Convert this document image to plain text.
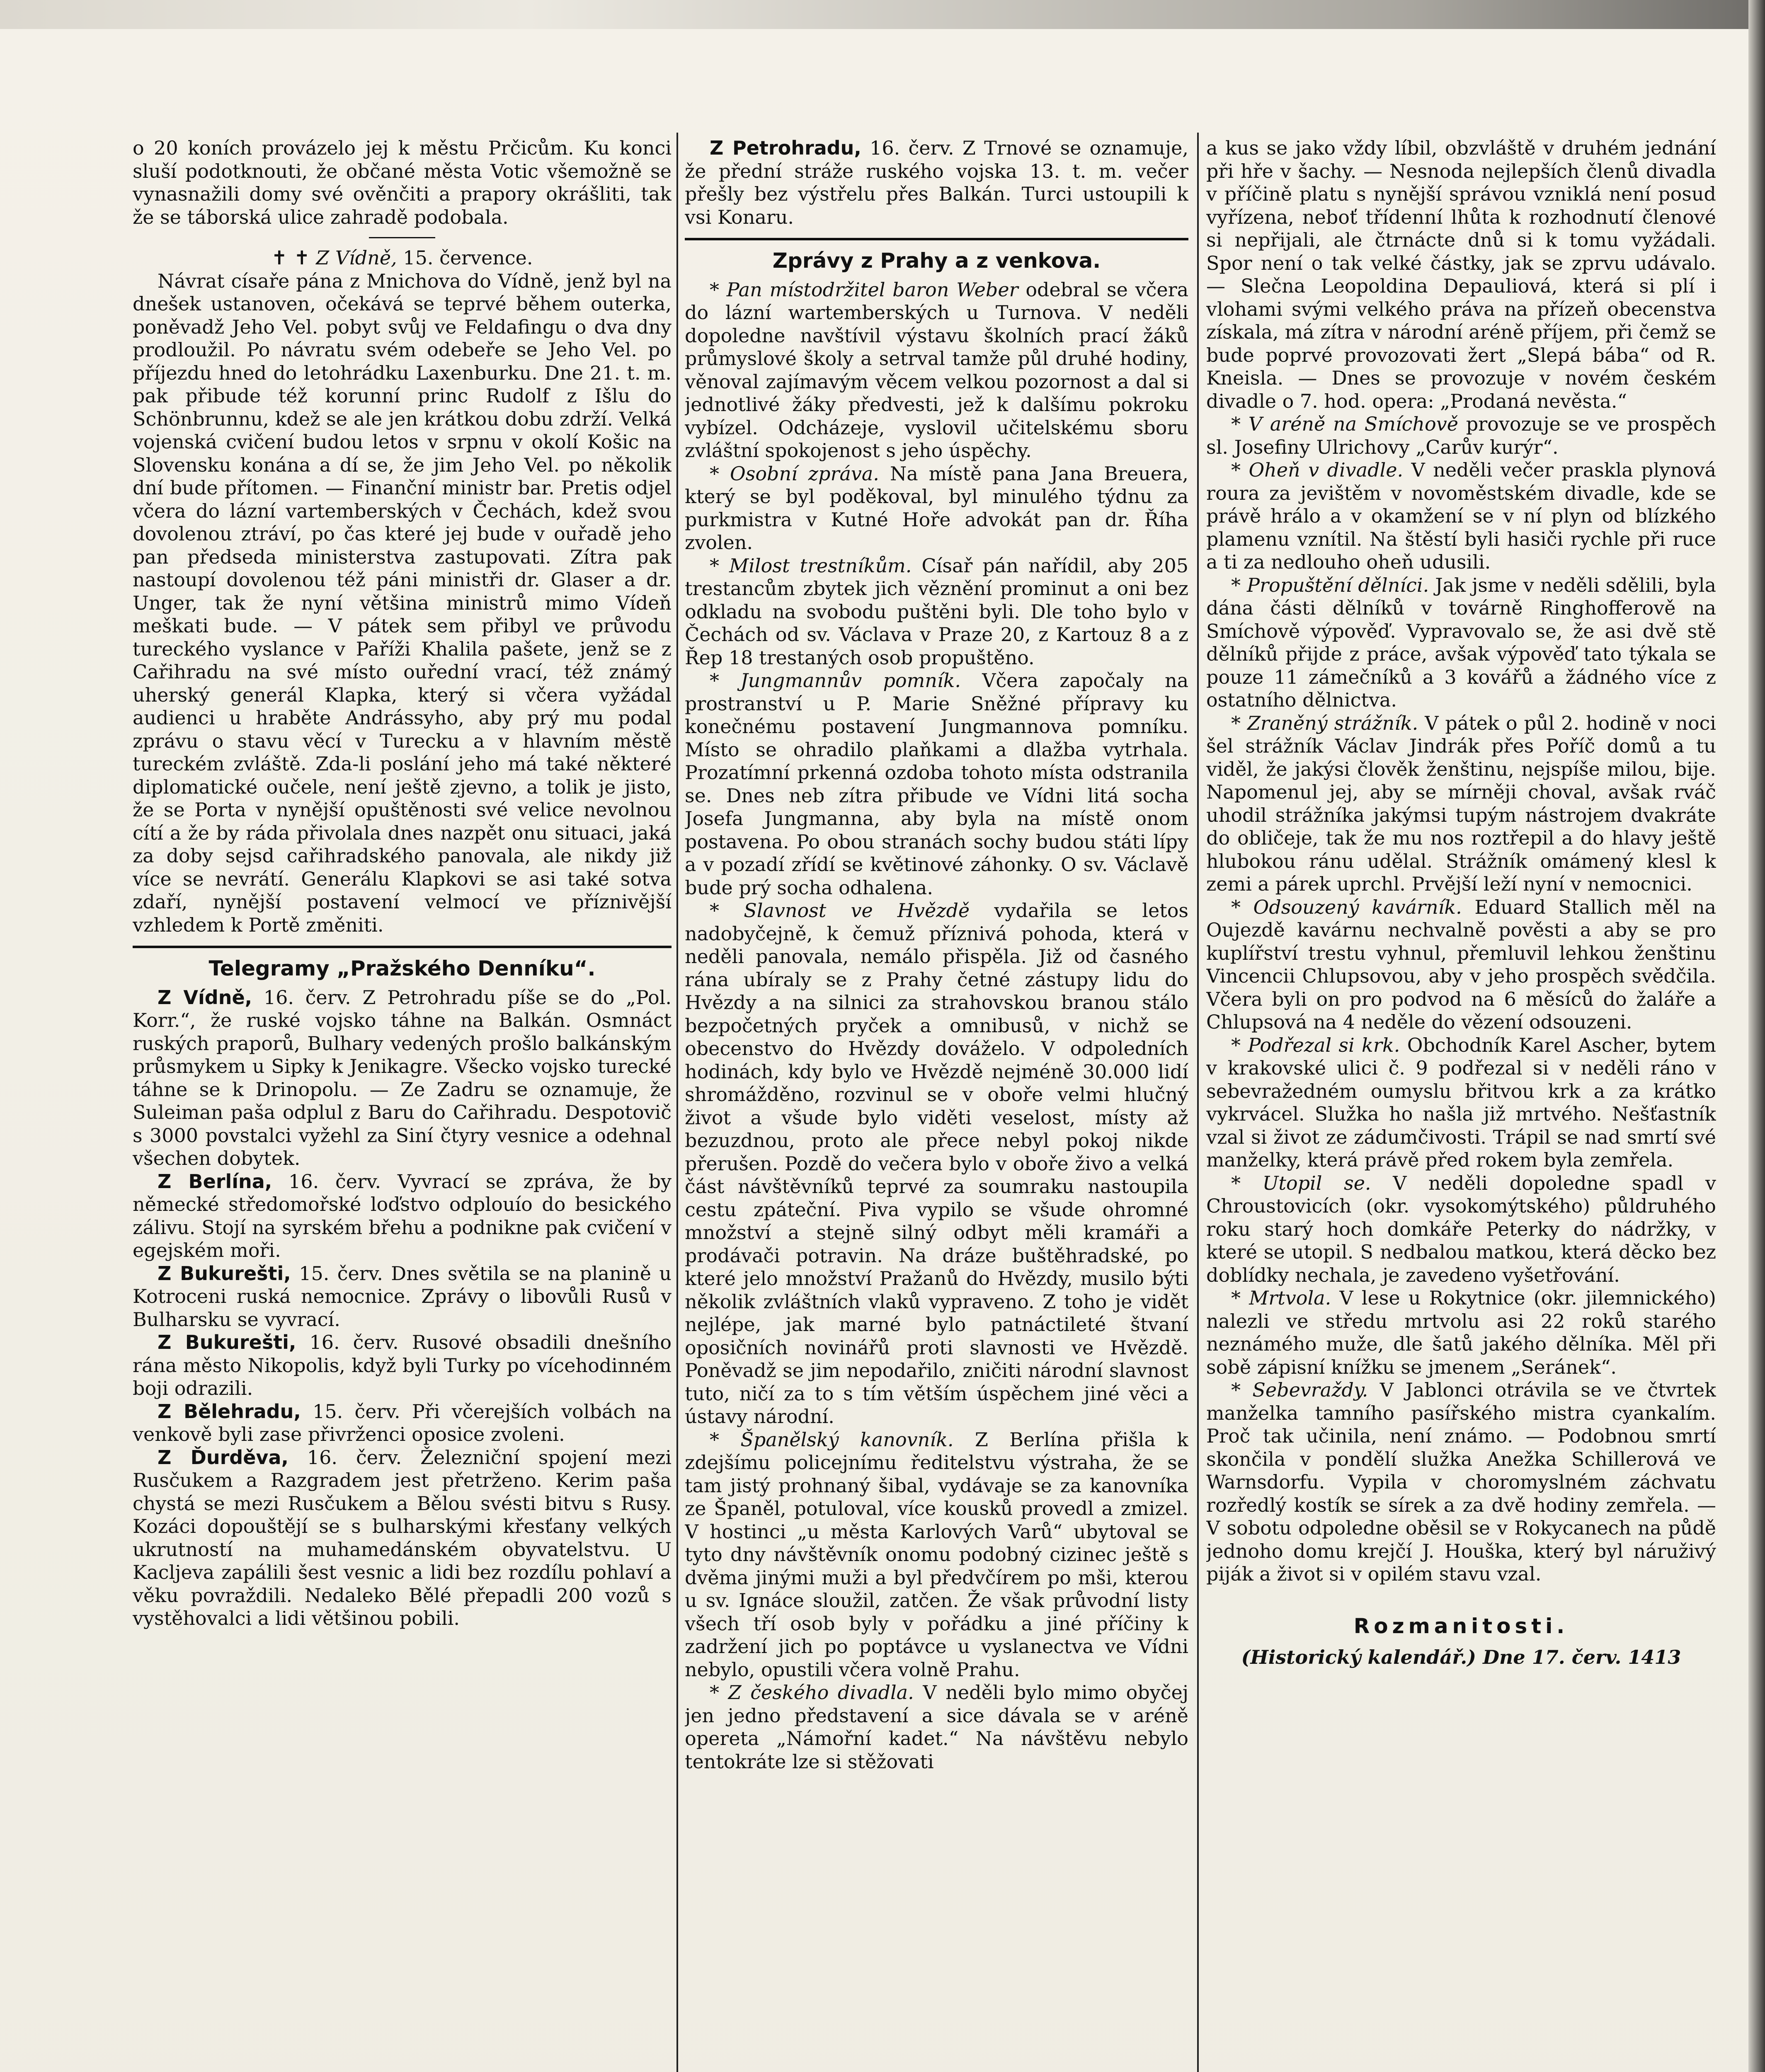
o 20 koních provázelo jej k městu Prčicům. Ku konci sluší podotknouti, že občané města Votic všemožně se vynasnažili domy své ověnčiti a prapory okrášliti, tak že se táborská ulice zahradě podobala.

✝ ✝ Z Vídně, 15. července.

Návrat císaře pána z Mnichova do Vídně, jenž byl na dnešek ustanoven, očekává se teprvé během outerka, poněvadž Jeho Vel. pobyt svůj ve Feldafingu o dva dny prodloužil. Po návratu svém odebeře se Jeho Vel. po příjezdu hned do letohrádku Laxenburku. Dne 21. t. m. pak přibude též korunní princ Rudolf z Išlu do Schönbrunnu, kdež se ale jen krátkou dobu zdrží. Velká vojenská cvičení budou letos v srpnu v okolí Košic na Slovensku konána a dí se, že jim Jeho Vel. po několik dní bude přítomen. — Finanční ministr bar. Pretis odjel včera do lázní vartemberských v Čechách, kdež svou dovolenou ztráví, po čas které jej bude v ouřadě jeho pan předseda ministerstva zastupovati. Zítra pak nastoupí dovolenou též páni ministři dr. Glaser a dr. Unger, tak že nyní většina ministrů mimo Vídeň meškati bude. — V pátek sem přibyl ve průvodu tureckého vyslance v Paříži Khalila pašete, jenž se z Cařihradu na své místo ouřední vrací, též známý uherský generál Klapka, který si včera vyžádal audienci u hraběte Andrássyho, aby prý mu podal zprávu o stavu věcí v Turecku a v hlavním městě tureckém zvláště. Zda-li poslání jeho má také některé diplomatické oučele, není ještě zjevno, a tolik je jisto, že se Porta v nynější opuštěnosti své velice nevolnou cítí a že by ráda přivolala dnes nazpět onu situaci, jaká za doby sejsd cařihradského panovala, ale nikdy již více se nevrátí. Generálu Klapkovi se asi také sotva zdaří, nynější postavení velmocí ve příznivější vzhledem k Portě změniti.

Telegramy „Pražského Denníku“.

Z Vídně, 16. červ. Z Petrohradu píše se do „Pol. Korr.“, že ruské vojsko táhne na Balkán. Osmnáct ruských praporů, Bulhary vedených prošlo balkánským průsmykem u Sipky k Jenikagre. Všecko vojsko turecké táhne se k Drinopolu. — Ze Zadru se oznamuje, že Suleiman paša odplul z Baru do Cařihradu. Despotovič s 3000 povstalci vyžehl za Siní čtyry vesnice a odehnal všechen dobytek.

Z Berlína, 16. červ. Vyvrací se zpráva, že by německé středomořské loďstvo odplouío do besického zálivu. Stojí na syrském břehu a podnikne pak cvičení v egejském moři.

Z Bukurešti, 15. červ. Dnes světila se na planině u Kotroceni ruská nemocnice. Zprávy o libovůli Rusů v Bulharsku se vyvrací.

Z Bukurešti, 16. červ. Rusové obsadili dnešního rána město Nikopolis, když byli Turky po vícehodinném boji odrazili.

Z Bělehradu, 15. červ. Při včerejších volbách na venkově byli zase přivrženci oposice zvoleni.

Z Ďurděva, 16. červ. Železniční spojení mezi Rusčukem a Razgradem jest přetrženo. Kerim paša chystá se mezi Rusčukem a Bělou svésti bitvu s Rusy. Kozáci dopouštějí se s bulharskými křesťany velkých ukrutností na muhamedánském obyvatelstvu. U Kacljeva zapálili šest vesnic a lidi bez rozdílu pohlaví a věku povraždili. Nedaleko Bělé přepadli 200 vozů s vystěhovalci a lidi většinou pobili.

Z Petrohradu, 16. červ. Z Trnové se oznamuje, že přední stráže ruského vojska 13. t. m. večer přešly bez výstřelu přes Balkán. Turci ustoupili k vsi Konaru.

Zprávy z Prahy a z venkova.

* Pan místodržitel baron Weber odebral se včera do lázní wartemberských u Turnova. V neděli dopoledne navštívil výstavu školních prací žáků průmyslové školy a setrval tamže půl druhé hodiny, věnoval zajímavým věcem velkou pozornost a dal si jednotlivé žáky předvesti, jež k dalšímu pokroku vybízel. Odcházeje, vyslovil učitelskému sboru zvláštní spokojenost s jeho úspěchy.

* Osobní zpráva. Na místě pana Jana Breuera, který se byl poděkoval, byl minulého týdnu za purkmistra v Kutné Hoře advokát pan dr. Říha zvolen.

* Milost trestníkům. Císař pán nařídil, aby 205 trestancům zbytek jich věznění prominut a oni bez odkladu na svobodu puštěni byli. Dle toho bylo v Čechách od sv. Václava v Praze 20, z Kartouz 8 a z Řep 18 trestaných osob propuštěno.

* Jungmannův pomník. Včera započaly na prostranství u P. Marie Sněžné přípravy ku konečnému postavení Jungmannova pomníku. Místo se ohradilo plaňkami a dlažba vytrhala. Prozatímní prkenná ozdoba tohoto místa odstranila se. Dnes neb zítra přibude ve Vídni litá socha Josefa Jungmanna, aby byla na místě onom postavena. Po obou stranách sochy budou státi lípy a v pozadí zřídí se květinové záhonky. O sv. Václavě bude prý socha odhalena.

* Slavnost ve Hvězdě vydařila se letos nadobyčejně, k čemuž příznivá pohoda, která v neděli panovala, nemálo přispěla. Již od časného rána ubíraly se z Prahy četné zástupy lidu do Hvězdy a na silnici za strahovskou branou stálo bezpočetných pryček a omnibusů, v nichž se obecenstvo do Hvězdy dováželo. V odpoledních hodinách, kdy bylo ve Hvězdě nejméně 30.000 lidí shromážděno, rozvinul se v oboře velmi hlučný život a všude bylo viděti veselost, místy až bezuzdnou, proto ale přece nebyl pokoj nikde přerušen. Pozdě do večera bylo v oboře živo a velká část návštěvníků teprvé za soumraku nastoupila cestu zpáteční. Piva vypilo se všude ohromné množství a stejně silný odbyt měli kramáři a prodávači potravin. Na dráze buštěhradské, po které jelo množství Pražanů do Hvězdy, musilo býti několik zvláštních vlaků vypraveno. Z toho je vidět nejlépe, jak marné bylo patnáctileté štvaní oposičních novinářů proti slavnosti ve Hvězdě. Poněvadž se jim nepodařilo, zničiti národní slavnost tuto, ničí za to s tím větším úspěchem jiné věci a ústavy národní.

* Španělský kanovník. Z Berlína přišla k zdejšímu policejnímu ředitelstvu výstraha, že se tam jistý prohnaný šibal, vydávaje se za kanovníka ze Španěl, potuloval, více kousků provedl a zmizel. V hostinci „u města Karlových Varů“ ubytoval se tyto dny návštěvník onomu podobný cizinec ještě s dvěma jinými muži a byl předvčírem po mši, kterou u sv. Ignáce sloužil, zatčen. Že však průvodní listy všech tří osob byly v pořádku a jiné příčiny k zadržení jich po poptávce u vyslanectva ve Vídni nebylo, opustili včera volně Prahu.

* Z českého divadla. V neděli bylo mimo obyčej jen jedno představení a sice dávala se v aréně opereta „Námořní kadet.“ Na návštěvu nebylo tentokráte lze si stěžovati

a kus se jako vždy líbil, obzvláště v druhém jednání při hře v šachy. — Nesnoda nejlepších členů divadla v příčině platu s nynější správou vzniklá není posud vyřízena, neboť třídenní lhůta k rozhodnutí členové si nepřijali, ale čtrnácte dnů si k tomu vyžádali. Spor není o tak velké částky, jak se zprvu udávalo. — Slečna Leopoldina Depauliová, která si plí i vlohami svými velkého práva na přízeň obecenstva získala, má zítra v národní aréně příjem, při čemž se bude poprvé provozovati žert „Slepá bába“ od R. Kneisla. — Dnes se provozuje v novém českém divadle o 7. hod. opera: „Prodaná nevěsta.“

* V aréně na Smíchově provozuje se ve prospěch sl. Josefiny Ulrichovy „Carův kurýr“.

* Oheň v divadle. V neděli večer praskla plynová roura za jevištěm v novoměstském divadle, kde se právě hrálo a v okamžení se v ní plyn od blízkého plamenu vznítil. Na štěstí byli hasiči rychle při ruce a ti za nedlouho oheň udusili.

* Propuštění dělníci. Jak jsme v neděli sdělili, byla dána části dělníků v továrně Ringhofferově na Smíchově výpověď. Vypravovalo se, že asi dvě stě dělníků přijde z práce, avšak výpověď tato týkala se pouze 11 zámečníků a 3 kovářů a žádného více z ostatního dělnictva.

* Zraněný strážník. V pátek o půl 2. hodině v noci šel strážník Václav Jindrák přes Poříč domů a tu viděl, že jakýsi člověk ženštinu, nejspíše milou, bije. Napomenul jej, aby se mírněji choval, avšak rváč uhodil strážníka jakýmsi tupým nástrojem dvakráte do obličeje, tak že mu nos roztřepil a do hlavy ještě hlubokou ránu udělal. Strážník omámený klesl k zemi a párek uprchl. Prvější leží nyní v nemocnici.

* Odsouzený kavárník. Eduard Stallich měl na Oujezdě kavárnu nechvalně pověsti a aby se pro kuplířství trestu vyhnul, přemluvil lehkou ženštinu Vincencii Chlupsovou, aby v jeho prospěch svědčila. Včera byli on pro podvod na 6 měsíců do žaláře a Chlupsová na 4 neděle do vězení odsouzeni.

* Podřezal si krk. Obchodník Karel Ascher, bytem v krakovské ulici č. 9 podřezal si v neděli ráno v sebevražedném oumyslu břitvou krk a za krátko vykrvácel. Služka ho našla již mrtvého. Nešťastník vzal si život ze zádumčivosti. Trápil se nad smrtí své manželky, která právě před rokem byla zemřela.

* Utopil se. V neděli dopoledne spadl v Chroustovicích (okr. vysokomýtského) půldruhého roku starý hoch domkáře Peterky do nádržky, v které se utopil. S nedbalou matkou, která děcko bez doblídky nechala, je zavedeno vyšetřování.

* Mrtvola. V lese u Rokytnice (okr. jilemnického) nalezli ve středu mrtvolu asi 22 roků starého neznámého muže, dle šatů jakého dělníka. Měl při sobě zápisní knížku se jmenem „Seránek“.

* Sebevraždy. V Jablonci otrávila se ve čtvrtek manželka tamního pasířského mistra cyankalím. Proč tak učinila, není známo. — Podobnou smrtí skončila v pondělí služka Anežka Schillerová ve Warnsdorfu. Vypila v choromyslném záchvatu rozředlý kostík se sírek a za dvě hodiny zemřela. — V sobotu odpoledne oběsil se v Rokycanech na půdě jednoho domu krejčí J. Houška, který byl náruživý piják a život si v opilém stavu vzal.

Rozmanitosti.

(Historický kalendář.) Dne 17. červ. 1413
